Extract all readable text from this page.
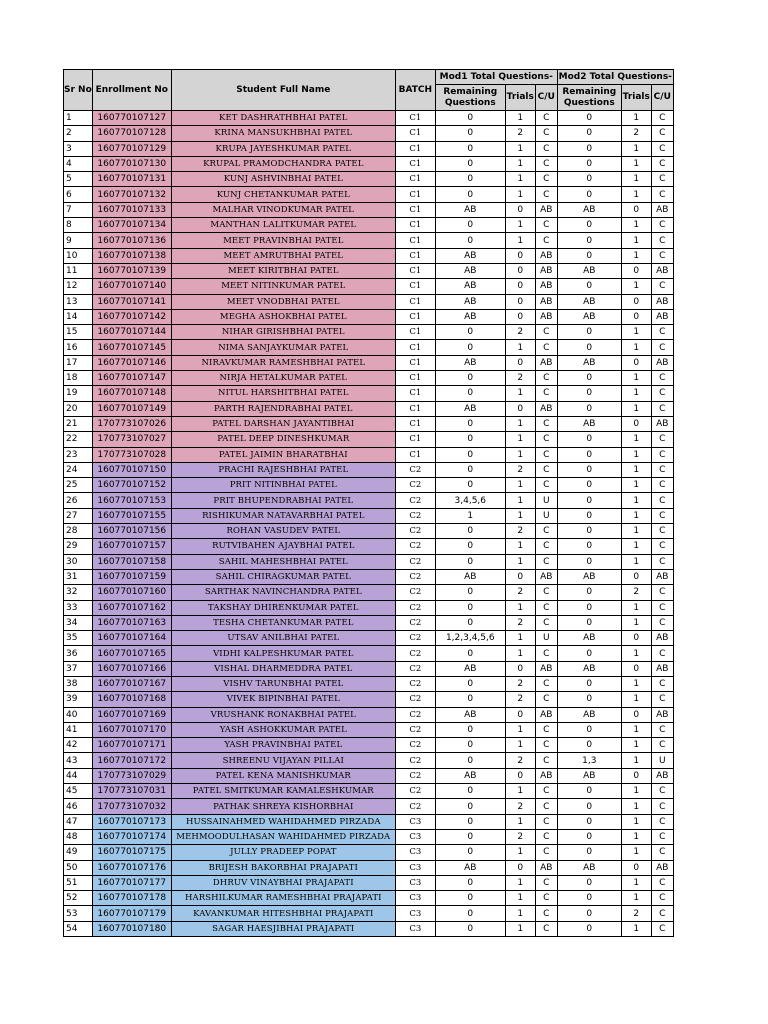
Sr No	Enrollment No	Student Full Name	BATCH	Mod1 Total Questions-			Mod2 Total Questions-		
				Remaining Questions	Trials	C/U	Remaining Questions	Trials	C/U
1	160770107127	KET DASHRATHBHAI PATEL	C1	0	1	C	0	1	C
2	160770107128	KRINA MANSUKHBHAI PATEL	C1	0	2	C	0	2	C
3	160770107129	KRUPA JAYESHKUMAR PATEL	C1	0	1	C	0	1	C
4	160770107130	KRUPAL PRAMODCHANDRA PATEL	C1	0	1	C	0	1	C
5	160770107131	KUNJ ASHVINBHAI PATEL	C1	0	1	C	0	1	C
6	160770107132	KUNJ CHETANKUMAR PATEL	C1	0	1	C	0	1	C
7	160770107133	MALHAR VINODKUMAR PATEL	C1	AB	0	AB	AB	0	AB
8	160770107134	MANTHAN LALITKUMAR PATEL	C1	0	1	C	0	1	C
9	160770107136	MEET PRAVINBHAI PATEL	C1	0	1	C	0	1	C
10	160770107138	MEET AMRUTBHAI PATEL	C1	AB	0	AB	0	1	C
11	160770107139	MEET KIRITBHAI PATEL	C1	AB	0	AB	AB	0	AB
12	160770107140	MEET NITINKUMAR PATEL	C1	AB	0	AB	0	1	C
13	160770107141	MEET VNODBHAI PATEL	C1	AB	0	AB	AB	0	AB
14	160770107142	MEGHA ASHOKBHAI PATEL	C1	AB	0	AB	AB	0	AB
15	160770107144	NIHAR GIRISHBHAI PATEL	C1	0	2	C	0	1	C
16	160770107145	NIMA SANJAYKUMAR PATEL	C1	0	1	C	0	1	C
17	160770107146	NIRAVKUMAR RAMESHBHAI PATEL	C1	AB	0	AB	AB	0	AB
18	160770107147	NIRJA HETALKUMAR PATEL	C1	0	2	C	0	1	C
19	160770107148	NITUL HARSHITBHAI PATEL	C1	0	1	C	0	1	C
20	160770107149	PARTH RAJENDRABHAI PATEL	C1	AB	0	AB	0	1	C
21	170773107026	PATEL DARSHAN JAYANTIBHAI	C1	0	1	C	AB	0	AB
22	170773107027	PATEL DEEP DINESHKUMAR	C1	0	1	C	0	1	C
23	170773107028	PATEL JAIMIN BHARATBHAI	C1	0	1	C	0	1	C
24	160770107150	PRACHI RAJESHBHAI PATEL	C2	0	2	C	0	1	C
25	160770107152	PRIT NITINBHAI PATEL	C2	0	1	C	0	1	C
26	160770107153	PRIT BHUPENDRABHAI PATEL	C2	3,4,5,6	1	U	0	1	C
27	160770107155	RISHIKUMAR NATAVARBHAI PATEL	C2	1	1	U	0	1	C
28	160770107156	ROHAN VASUDEV PATEL	C2	0	2	C	0	1	C
29	160770107157	RUTVIBAHEN AJAYBHAI PATEL	C2	0	1	C	0	1	C
30	160770107158	SAHIL MAHESHBHAI PATEL	C2	0	1	C	0	1	C
31	160770107159	SAHIL CHIRAGKUMAR PATEL	C2	AB	0	AB	AB	0	AB
32	160770107160	SARTHAK NAVINCHANDRA PATEL	C2	0	2	C	0	2	C
33	160770107162	TAKSHAY DHIRENKUMAR PATEL	C2	0	1	C	0	1	C
34	160770107163	TESHA CHETANKUMAR PATEL	C2	0	2	C	0	1	C
35	160770107164	UTSAV ANILBHAI PATEL	C2	1,2,3,4,5,6	1	U	AB	0	AB
36	160770107165	VIDHI KALPESHKUMAR PATEL	C2	0	1	C	0	1	C
37	160770107166	VISHAL DHARMEDDRA PATEL	C2	AB	0	AB	AB	0	AB
38	160770107167	VISHV TARUNBHAI PATEL	C2	0	2	C	0	1	C
39	160770107168	VIVEK BIPINBHAI PATEL	C2	0	2	C	0	1	C
40	160770107169	VRUSHANK RONAKBHAI PATEL	C2	AB	0	AB	AB	0	AB
41	160770107170	YASH ASHOKKUMAR PATEL	C2	0	1	C	0	1	C
42	160770107171	YASH PRAVINBHAI PATEL	C2	0	1	C	0	1	C
43	160770107172	SHREENU VIJAYAN PILLAI	C2	0	2	C	1,3	1	U
44	170773107029	PATEL KENA MANISHKUMAR	C2	AB	0	AB	AB	0	AB
45	170773107031	PATEL SMITKUMAR KAMALESHKUMAR	C2	0	1	C	0	1	C
46	170773107032	PATHAK SHREYA KISHORBHAI	C2	0	2	C	0	1	C
47	160770107173	HUSSAINAHMED WAHIDAHMED PIRZADA	C3	0	1	C	0	1	C
48	160770107174	MEHMOODULHASAN WAHIDAHMED PIRZADA	C3	0	2	C	0	1	C
49	160770107175	JULLY PRADEEP POPAT	C3	0	1	C	0	1	C
50	160770107176	BRIJESH BAKORBHAI PRAJAPATI	C3	AB	0	AB	AB	0	AB
51	160770107177	DHRUV VINAYBHAI PRAJAPATI	C3	0	1	C	0	1	C
52	160770107178	HARSHILKUMAR RAMESHBHAI PRAJAPATI	C3	0	1	C	0	1	C
53	160770107179	KAVANKUMAR HITESHBHAI PRAJAPATI	C3	0	1	C	0	2	C
54	160770107180	SAGAR HAESJIBHAI PRAJAPATI	C3	0	1	C	0	1	C
